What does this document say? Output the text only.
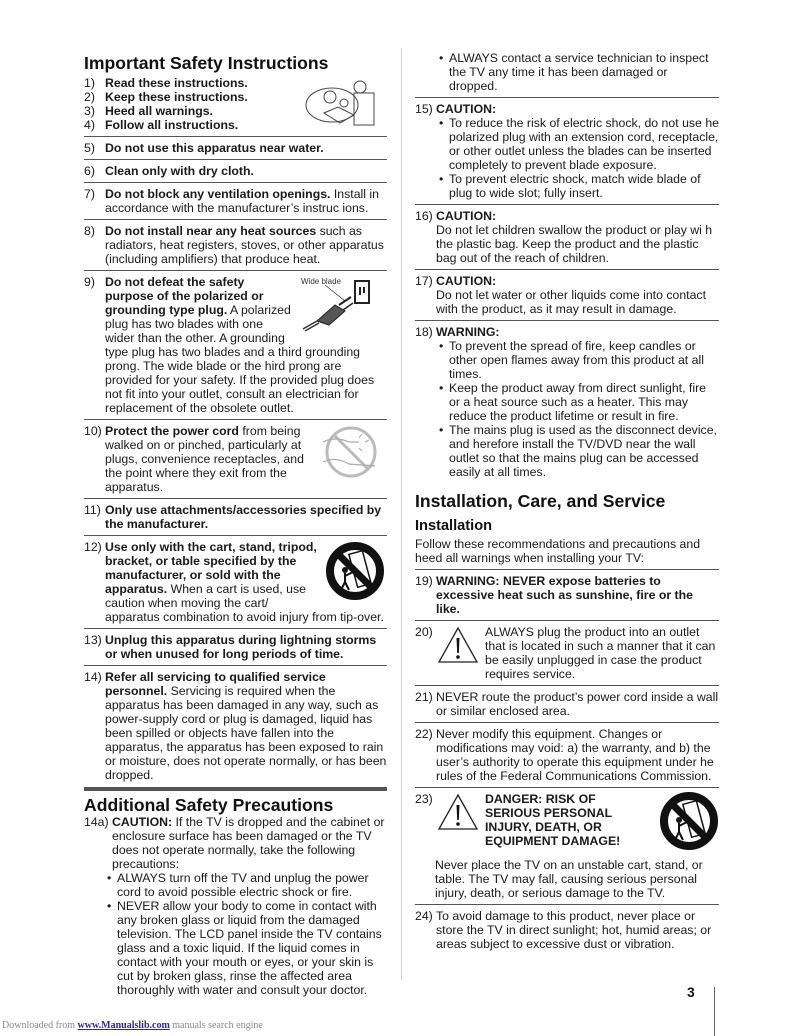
Important Safety Instructions
1) Read these instructions.
2) Keep these instructions.
3) Heed all warnings.
4) Follow all instructions.
5) Do not use this apparatus near water.
6) Clean only with dry cloth.
7) Do not block any ventilation openings. Install in accordance with the manufacturer’s instruc ions.
8) Do not install near any heat sources such as radiators, heat registers, stoves, or other apparatus (including amplifiers) that produce heat.
9)	Wide blade
Do not defeat the safety purpose of the polarized or grounding type plug. A polarized plug has two blades with one wider than the other. A grounding type plug has two blades and a third grounding prong. The wide blade or the hird prong are provided for your safety. If the provided plug does not fit into your outlet, consult an electrician for replacement of the obsolete outlet.
10) Protect the power cord from being walked on or pinched, particularly at plugs, convenience receptacles, and the point where they exit from the apparatus.
11) Only use attachments/accessories specified by the manufacturer.
12) Use only with the cart, stand, tripod, bracket, or table specified by the manufacturer, or sold with the apparatus. When a cart is used, use caution when moving the cart/ apparatus combination to avoid injury from tip-over.
13) Unplug this apparatus during lightning storms or when unused for long periods of time.
14) Refer all servicing to qualified service personnel. Servicing is required when the apparatus has been damaged in any way, such as power-supply cord or plug is damaged, liquid has been spilled or objects have fallen into the apparatus, the apparatus has been exposed to rain or moisture, does not operate normally, or has been dropped.
Additional Safety Precautions
14a) CAUTION: If the TV is dropped and the cabinet or enclosure surface has been damaged or the TV does not operate normally, take the following precautions:
• ALWAYS turn off the TV and unplug the power cord to avoid possible electric shock or fire.
• NEVER allow your body to come in contact with any broken glass or liquid from the damaged television. The LCD panel inside the TV contains glass and a toxic liquid. If the liquid comes in contact with your mouth or eyes, or your skin is cut by broken glass, rinse the affected area thoroughly with water and consult your doctor.
• ALWAYS contact a service technician to inspect the TV any time it has been damaged or dropped.
15) CAUTION:
• To reduce the risk of electric shock, do not use he polarized plug with an extension cord, receptacle, or other outlet unless the blades can be inserted completely to prevent blade exposure.
• To prevent electric shock, match wide blade of plug to wide slot; fully insert.
16) CAUTION:
Do not let children swallow the product or play wi h the plastic bag. Keep the product and the plastic bag out of the reach of children.
17) CAUTION:
Do not let water or other liquids come into contact with the product, as it may result in damage.
18) WARNING:
• To prevent the spread of fire, keep candles or other open flames away from this product at all times.
• Keep the product away from direct sunlight, fire or a heat source such as a heater. This may reduce the product lifetime or result in fire.
• The mains plug is used as the disconnect device, and herefore install the TV/DVD near the wall outlet so that the mains plug can be accessed easily at all times.
Installation, Care, and Service
Installation
Follow these recommendations and precautions and heed all warnings when installing your TV:
19) WARNING: NEVER expose batteries to excessive heat such as sunshine, fire or the like.
20)	ALWAYS plug the product into an outlet that is located in such a manner that it can be easily unplugged in case the product requires service.
21) NEVER route the product’s power cord inside a wall or similar enclosed area.
22) Never modify this equipment. Changes or modifications may void: a) the warranty, and b) the user’s authority to operate this equipment under he rules of the Federal Communications Commission.
23)	DANGER: RISK OF SERIOUS PERSONAL INJURY, DEATH, OR EQUIPMENT DAMAGE!
Never place the TV on an unstable cart, stand, or table. The TV may fall, causing serious personal injury, death, or serious damage to the TV.
24) To avoid damage to this product, never place or store the TV in direct sunlight; hot, humid areas; or areas subject to excessive dust or vibration.
3
Downloaded from www.Manualslib.com manuals search engine
